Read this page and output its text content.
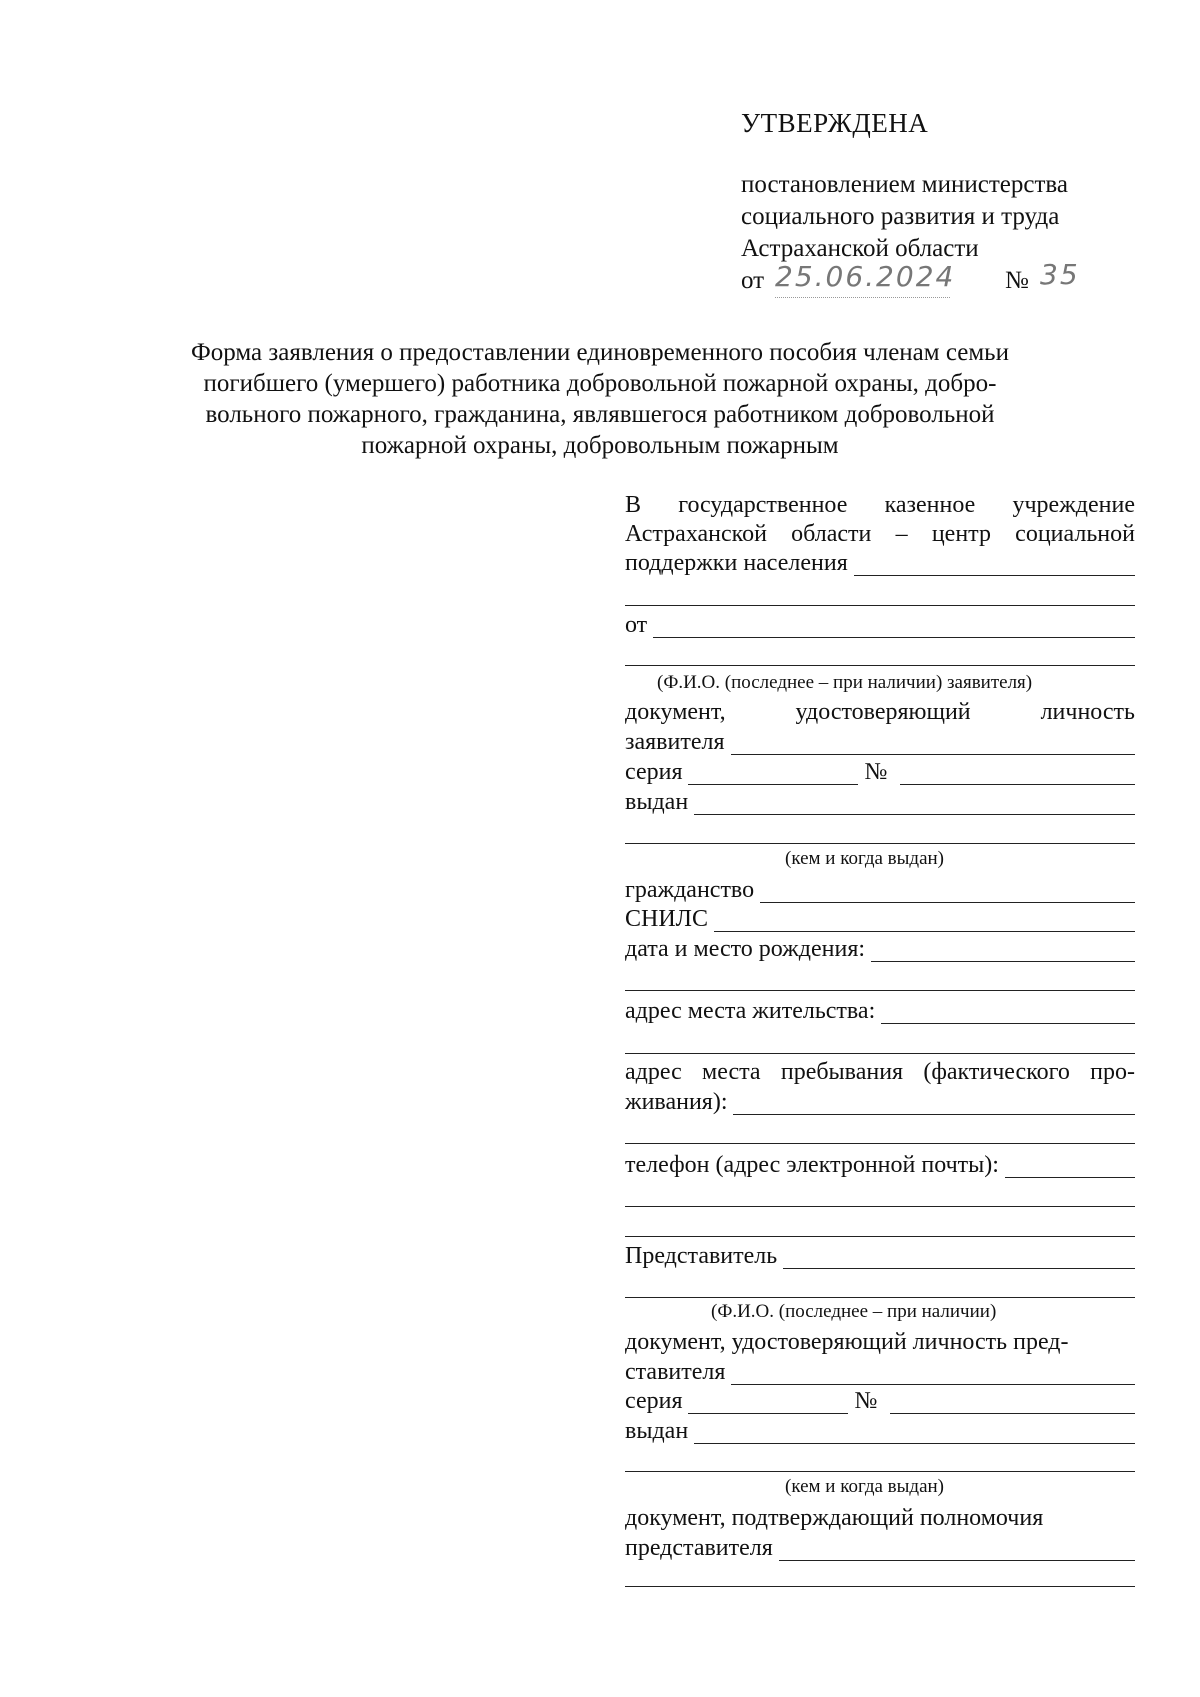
УТВЕРЖДЕНА
постановлением министерства
социального развития и труда
Астраханской области
от 25.06.2024 № 35
Форма заявления о предоставлении единовременного пособия членам семьи
погибшего (умершего) работника добровольной пожарной охраны, добро-
вольного пожарного, гражданина, являвшегося работником добровольной
пожарной охраны, добровольным пожарным
В государственное казенное учреждение
Астраханской области – центр социальной
поддержки населения
от
(Ф.И.О. (последнее – при наличии) заявителя)
документ, удостоверяющий личность
заявителя
серия	№
выдан
(кем и когда выдан)
гражданство
СНИЛС
дата и место рождения:
адрес места жительства:
адрес места пребывания (фактического про-
живания):
телефон (адрес электронной почты):
Представитель
(Ф.И.О. (последнее – при наличии)
документ, удостоверяющий личность пред-
ставителя
серия	№
выдан
(кем и когда выдан)
документ, подтверждающий полномочия
представителя
